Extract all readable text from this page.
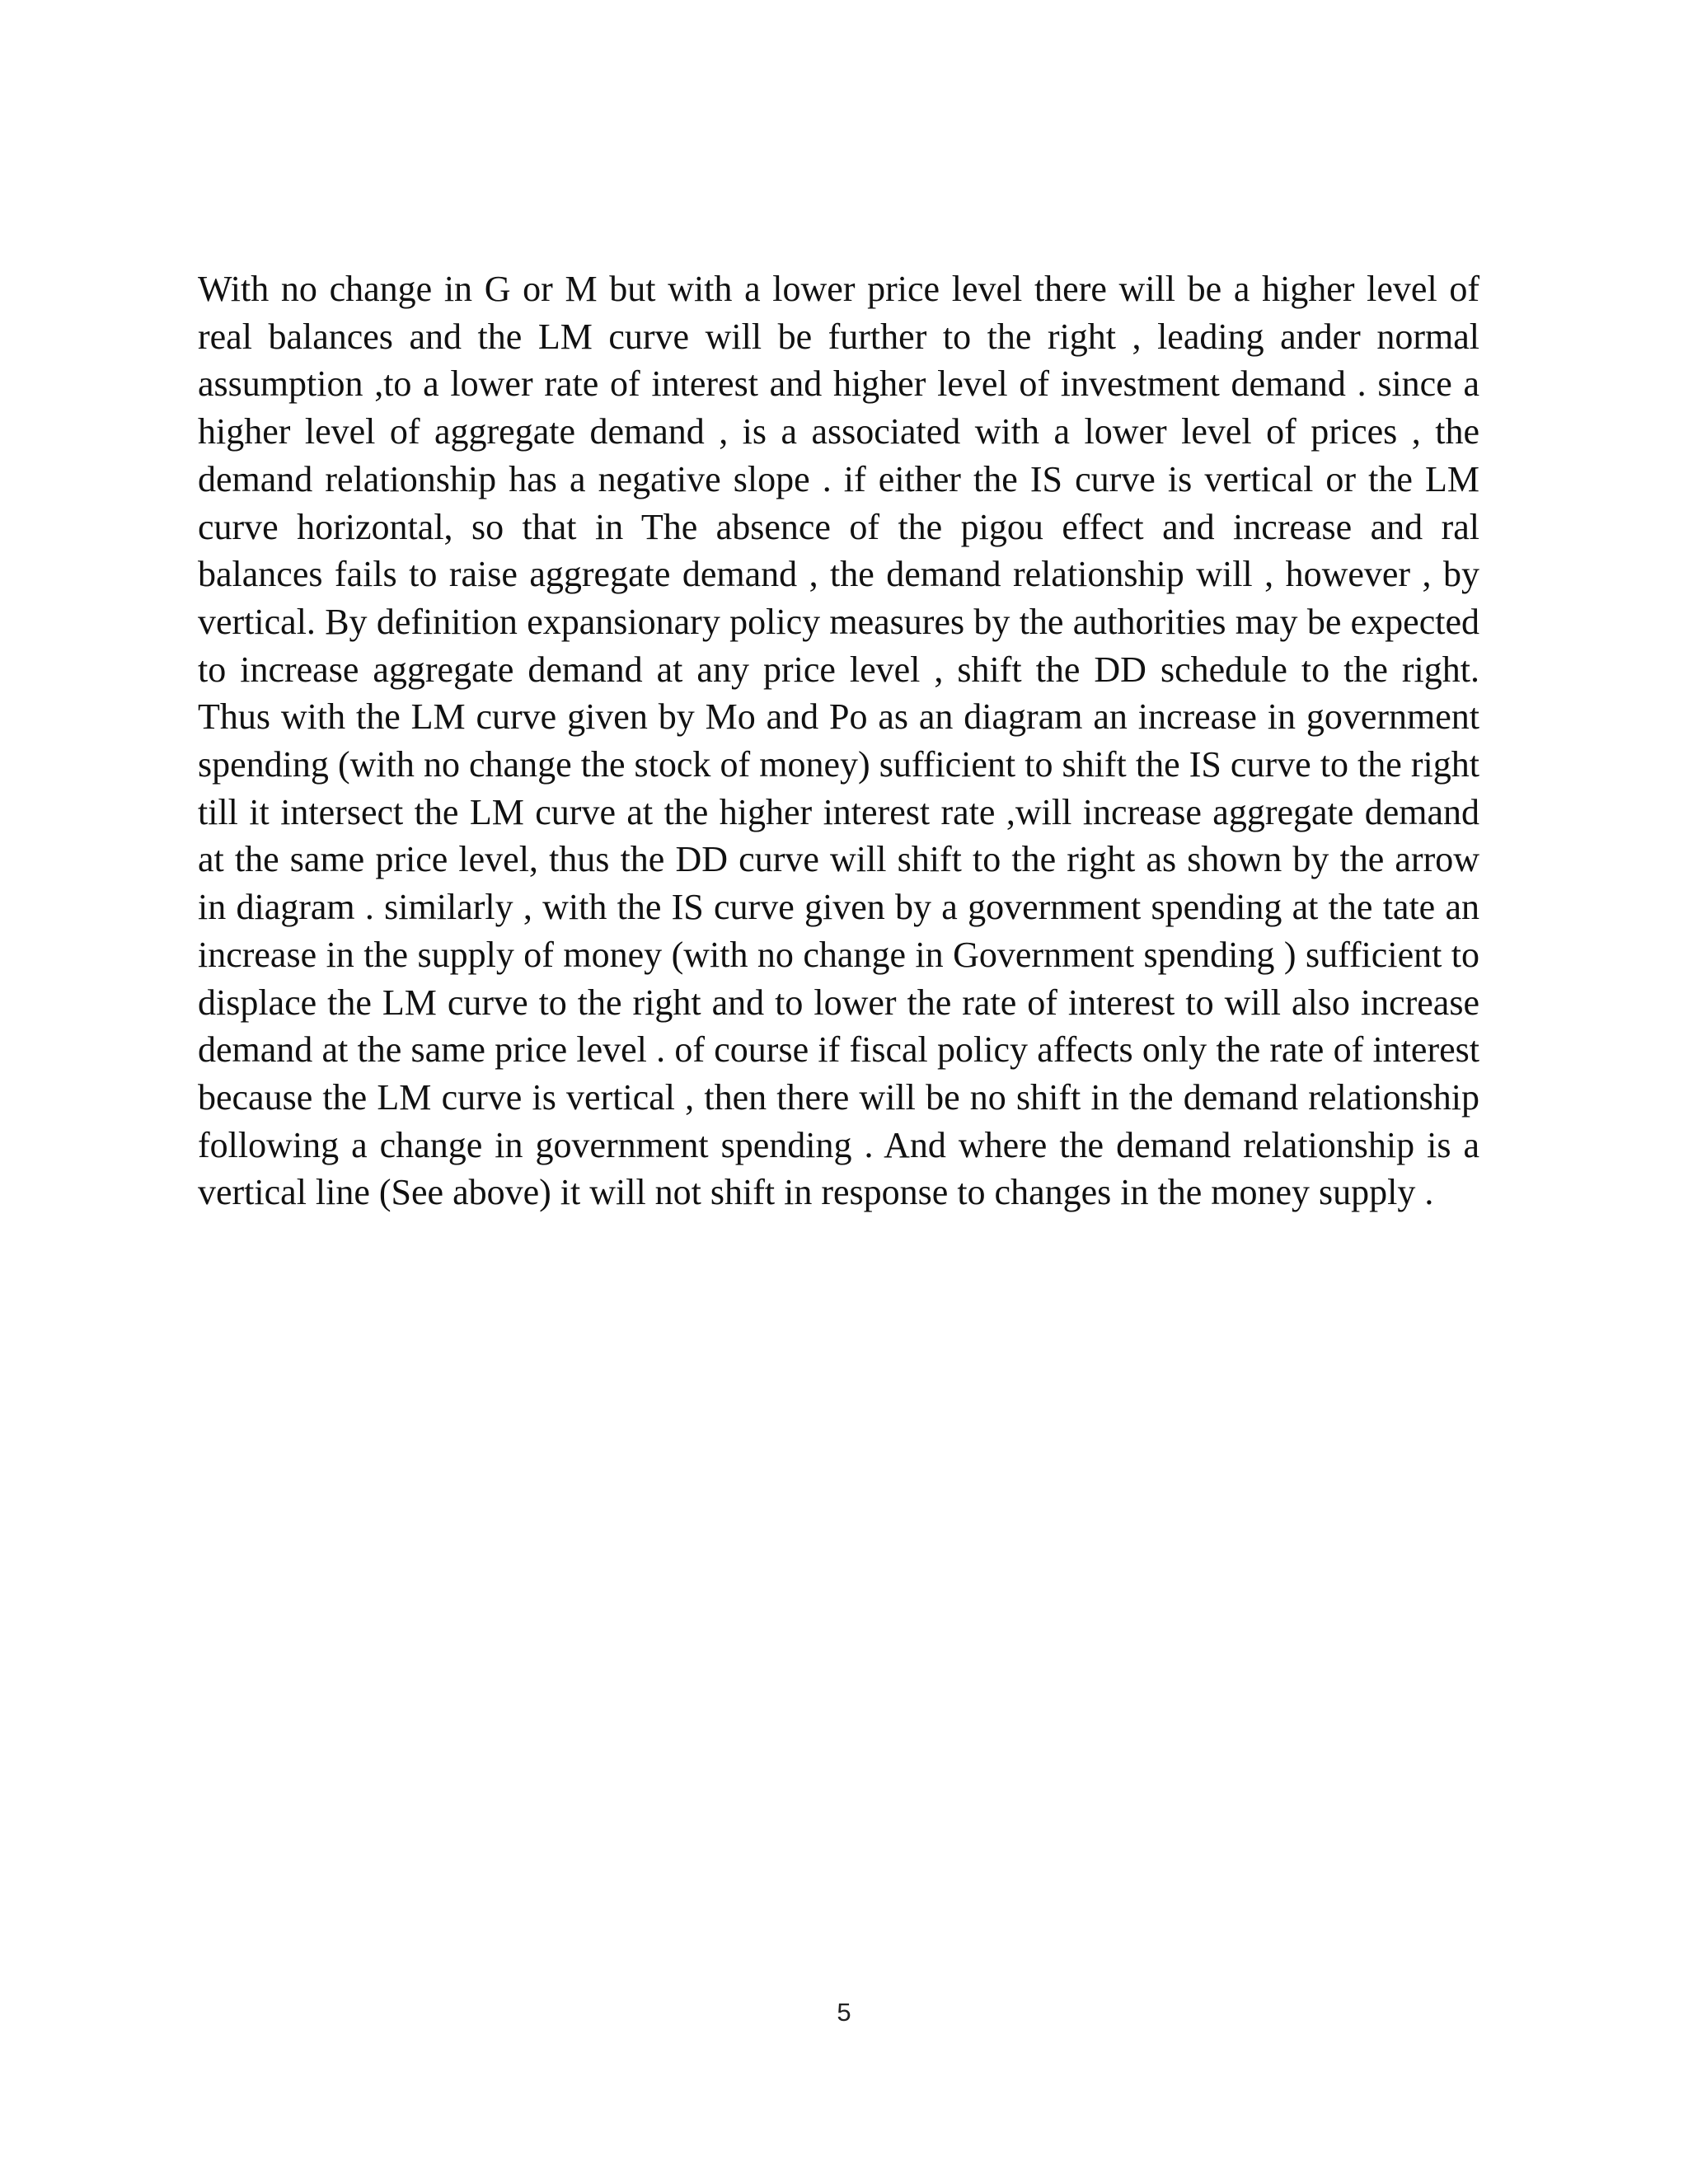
With no change in G or M but with a lower price level there will be a higher level of real balances and the LM curve will be further to the right , leading ander normal assumption ,to a lower rate of interest and higher level of investment demand . since a higher level of aggregate demand , is a associated with a lower level of prices , the demand relationship has a negative slope . if either the IS curve is vertical or the LM curve horizontal, so that in The absence of the pigou effect and increase and ral balances fails to raise aggregate demand , the demand relationship will , however , by vertical. By definition expansionary policy measures by the authorities may be expected to increase aggregate demand at any price level , shift the DD schedule to the right. Thus with the LM curve given by Mo and Po as an diagram an increase in government spending (with no change the stock of money) sufficient to shift the IS curve to the right till it intersect the LM curve at the higher interest rate ,will increase aggregate demand at the same price level, thus the DD curve will shift to the right as shown by the arrow in diagram . similarly , with the IS curve given by a government spending at the tate an increase in the supply of money (with no change in Government spending ) sufficient to displace the LM curve to the right and to lower the rate of interest to will also increase demand at the same price level . of course if fiscal policy affects only the rate of interest because the LM curve is vertical , then there will be no shift in the demand relationship following a change in government spending . And where the demand relationship is a vertical line (See above) it will not shift in response to changes in the money supply .

5
